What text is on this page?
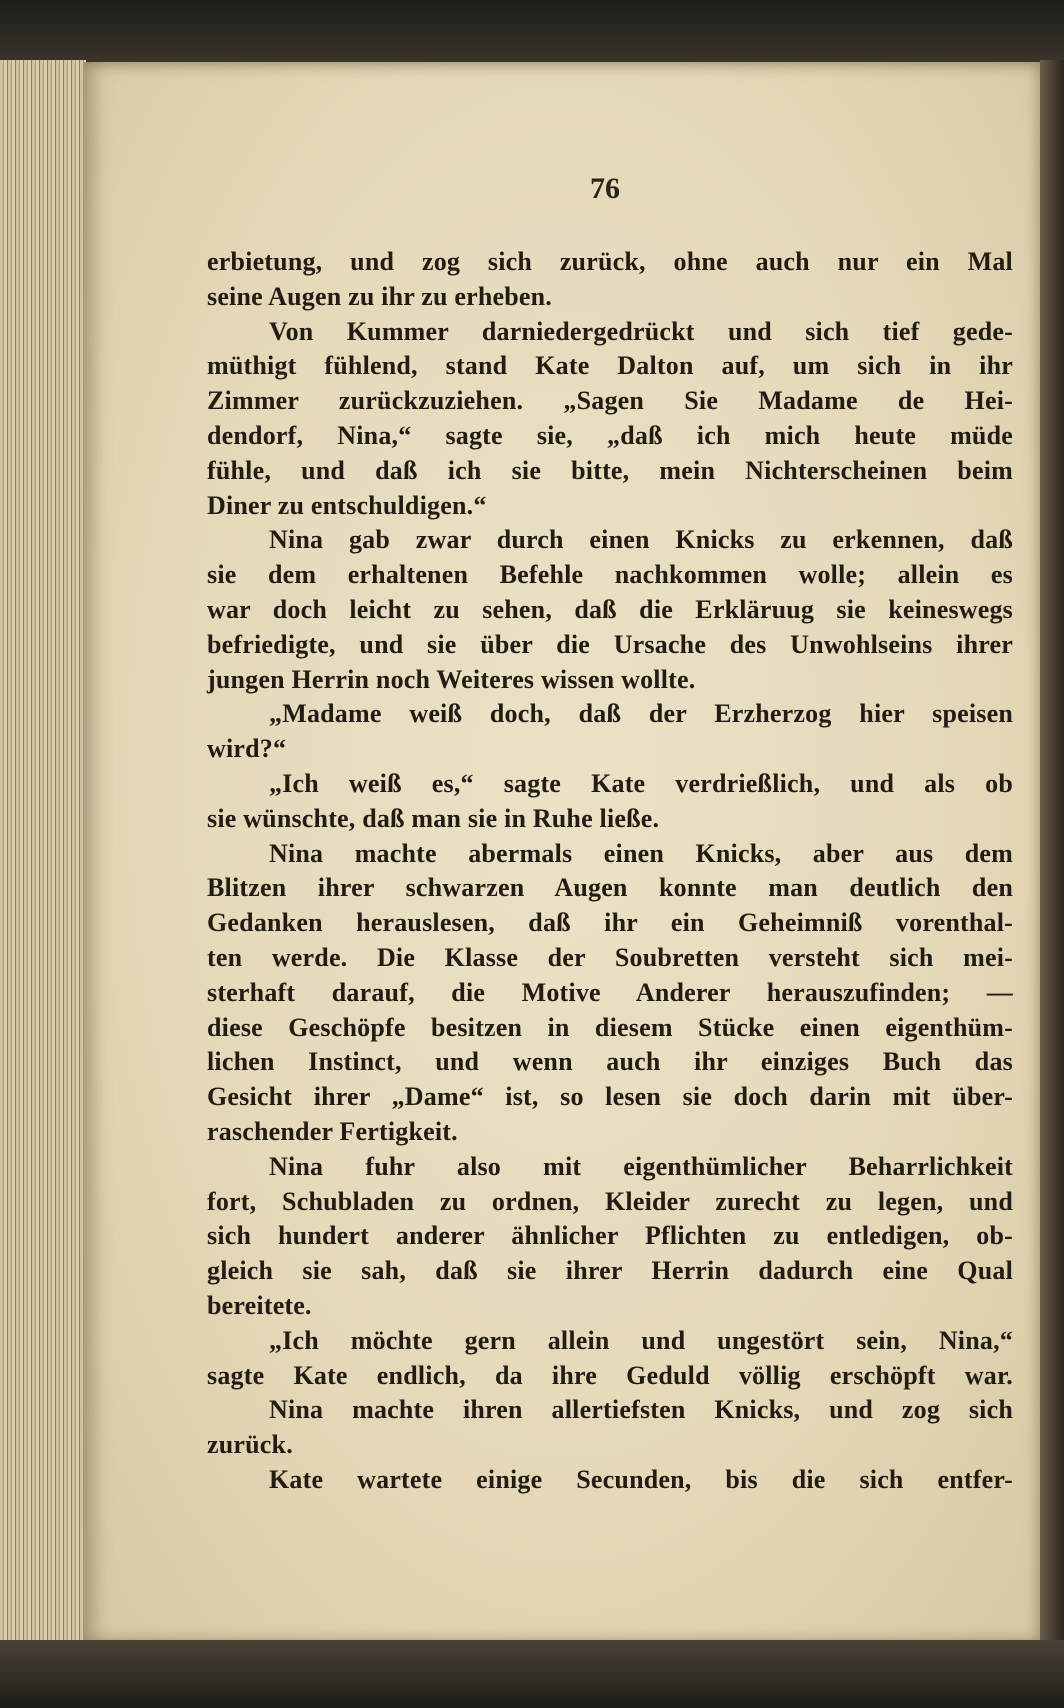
76
erbietung, und zog sich zurück, ohne auch nur ein Mal
seine Augen zu ihr zu erheben.
Von Kummer darniedergedrückt und sich tief gede-
müthigt fühlend, stand Kate Dalton auf, um sich in ihr
Zimmer zurückzuziehen. „Sagen Sie Madame de Hei-
dendorf, Nina,“ sagte sie, „daß ich mich heute müde
fühle, und daß ich sie bitte, mein Nichterscheinen beim
Diner zu entschuldigen.“
Nina gab zwar durch einen Knicks zu erkennen, daß
sie dem erhaltenen Befehle nachkommen wolle; allein es
war doch leicht zu sehen, daß die Erkläruug sie keineswegs
befriedigte, und sie über die Ursache des Unwohlseins ihrer
jungen Herrin noch Weiteres wissen wollte.
„Madame weiß doch, daß der Erzherzog hier speisen
wird?“
„Ich weiß es,“ sagte Kate verdrießlich, und als ob
sie wünschte, daß man sie in Ruhe ließe.
Nina machte abermals einen Knicks, aber aus dem
Blitzen ihrer schwarzen Augen konnte man deutlich den
Gedanken herauslesen, daß ihr ein Geheimniß vorenthal-
ten werde. Die Klasse der Soubretten versteht sich mei-
sterhaft darauf, die Motive Anderer herauszufinden; —
diese Geschöpfe besitzen in diesem Stücke einen eigenthüm-
lichen Instinct, und wenn auch ihr einziges Buch das
Gesicht ihrer „Dame“ ist, so lesen sie doch darin mit über-
raschender Fertigkeit.
Nina fuhr also mit eigenthümlicher Beharrlichkeit
fort, Schubladen zu ordnen, Kleider zurecht zu legen, und
sich hundert anderer ähnlicher Pflichten zu entledigen, ob-
gleich sie sah, daß sie ihrer Herrin dadurch eine Qual
bereitete.
„Ich möchte gern allein und ungestört sein, Nina,“
sagte Kate endlich, da ihre Geduld völlig erschöpft war.
Nina machte ihren allertiefsten Knicks, und zog sich
zurück.
Kate wartete einige Secunden, bis die sich entfer-
